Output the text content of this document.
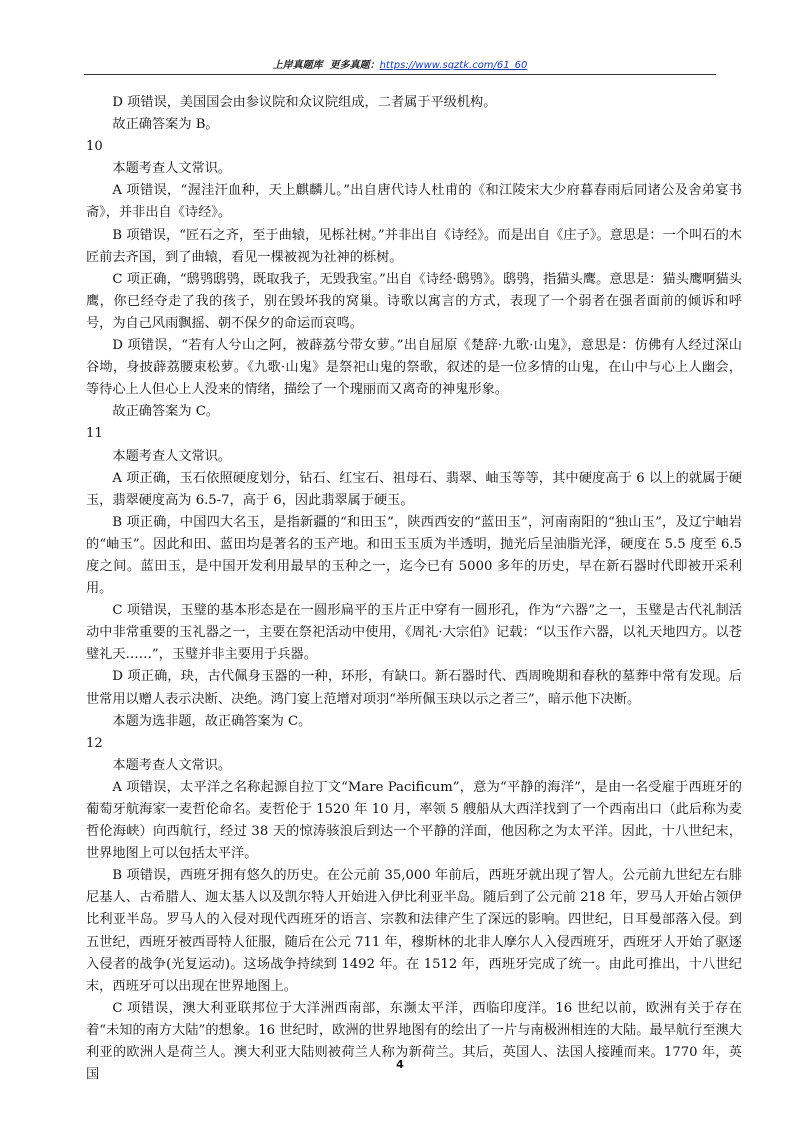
上岸真题库 更多真题：https://www.sqztk.com/61_60

D 项错误，美国国会由参议院和众议院组成，二者属于平级机构。

故正确答案为 B。

10

本题考查人文常识。

A 项错误，“渥洼汗血种，天上麒麟儿。”出自唐代诗人杜甫的《和江陵宋大少府暮春雨后同诸公及舍弟宴书斋》，并非出自《诗经》。

B 项错误，“匠石之齐，至于曲辕，见栎社树。”并非出自《诗经》。而是出自《庄子》。意思是：一个叫石的木匠前去齐国，到了曲辕，看见一棵被视为社神的栎树。

C 项正确，“鸱鸮鸱鸮，既取我子，无毁我室。”出自《诗经·鸱鸮》。鸱鸮，指猫头鹰。意思是：猫头鹰啊猫头鹰，你已经夺走了我的孩子，别在毁坏我的窝巢。诗歌以寓言的方式，表现了一个弱者在强者面前的倾诉和呼号，为自己风雨飘摇、朝不保夕的命运而哀鸣。

D 项错误，“若有人兮山之阿，被薜荔兮带女萝。”出自屈原《楚辞·九歌·山鬼》，意思是：仿佛有人经过深山谷坳，身披薜荔腰束松萝。《九歌·山鬼》是祭祀山鬼的祭歌，叙述的是一位多情的山鬼，在山中与心上人幽会，等待心上人但心上人没来的情绪，描绘了一个瑰丽而又离奇的神鬼形象。

故正确答案为 C。

11

本题考查人文常识。

A 项正确，玉石依照硬度划分，钻石、红宝石、祖母石、翡翠、岫玉等等，其中硬度高于 6 以上的就属于硬玉，翡翠硬度高为 6.5-7，高于 6，因此翡翠属于硬玉。

B 项正确，中国四大名玉，是指新疆的“和田玉”，陕西西安的“蓝田玉”，河南南阳的“独山玉”，及辽宁岫岩的“岫玉”。因此和田、蓝田均是著名的玉产地。和田玉玉质为半透明，抛光后呈油脂光泽，硬度在 5.5 度至 6.5 度之间。蓝田玉，是中国开发利用最早的玉种之一，迄今已有 5000 多年的历史，早在新石器时代即被开采利用。

C 项错误，玉璧的基本形态是在一圆形扁平的玉片正中穿有一圆形孔，作为“六器”之一，玉璧是古代礼制活动中非常重要的玉礼器之一，主要在祭祀活动中使用，《周礼·大宗伯》记载：“以玉作六器，以礼天地四方。以苍璧礼天……”，玉璧并非主要用于兵器。

D 项正确，玦，古代佩身玉器的一种，环形，有缺口。新石器时代、西周晚期和春秋的墓葬中常有发现。后世常用以赠人表示决断、决绝。鸿门宴上范增对项羽“举所佩玉玦以示之者三”，暗示他下决断。

本题为选非题，故正确答案为 C。

12

本题考查人文常识。

A 项错误，太平洋之名称起源自拉丁文“Mare Pacificum”，意为“平静的海洋”，是由一名受雇于西班牙的葡萄牙航海家一麦哲伦命名。麦哲伦于 1520 年 10 月，率领 5 艘船从大西洋找到了一个西南出口（此后称为麦哲伦海峡）向西航行，经过 38 天的惊涛骇浪后到达一个平静的洋面，他因称之为太平洋。因此，十八世纪末，世界地图上可以包括太平洋。

B 项错误，西班牙拥有悠久的历史。在公元前 35,000 年前后，西班牙就出现了智人。公元前九世纪左右腓尼基人、古希腊人、迦太基人以及凯尔特人开始进入伊比利亚半岛。随后到了公元前 218 年，罗马人开始占领伊比利亚半岛。罗马人的入侵对现代西班牙的语言、宗教和法律产生了深远的影响。四世纪，日耳曼部落入侵。到五世纪，西班牙被西哥特人征服，随后在公元 711 年，穆斯林的北非人摩尔人入侵西班牙，西班牙人开始了驱逐入侵者的战争(光复运动)。这场战争持续到 1492 年。在 1512 年，西班牙完成了统一。由此可推出，十八世纪末，西班牙可以出现在世界地图上。

C 项错误，澳大利亚联邦位于大洋洲西南部，东濒太平洋，西临印度洋。16 世纪以前，欧洲有关于存在着“未知的南方大陆”的想象。16 世纪时，欧洲的世界地图有的绘出了一片与南极洲相连的大陆。最早航行至澳大利亚的欧洲人是荷兰人。澳大利亚大陆则被荷兰人称为新荷兰。其后，英国人、法国人接踵而来。1770 年，英国

4
